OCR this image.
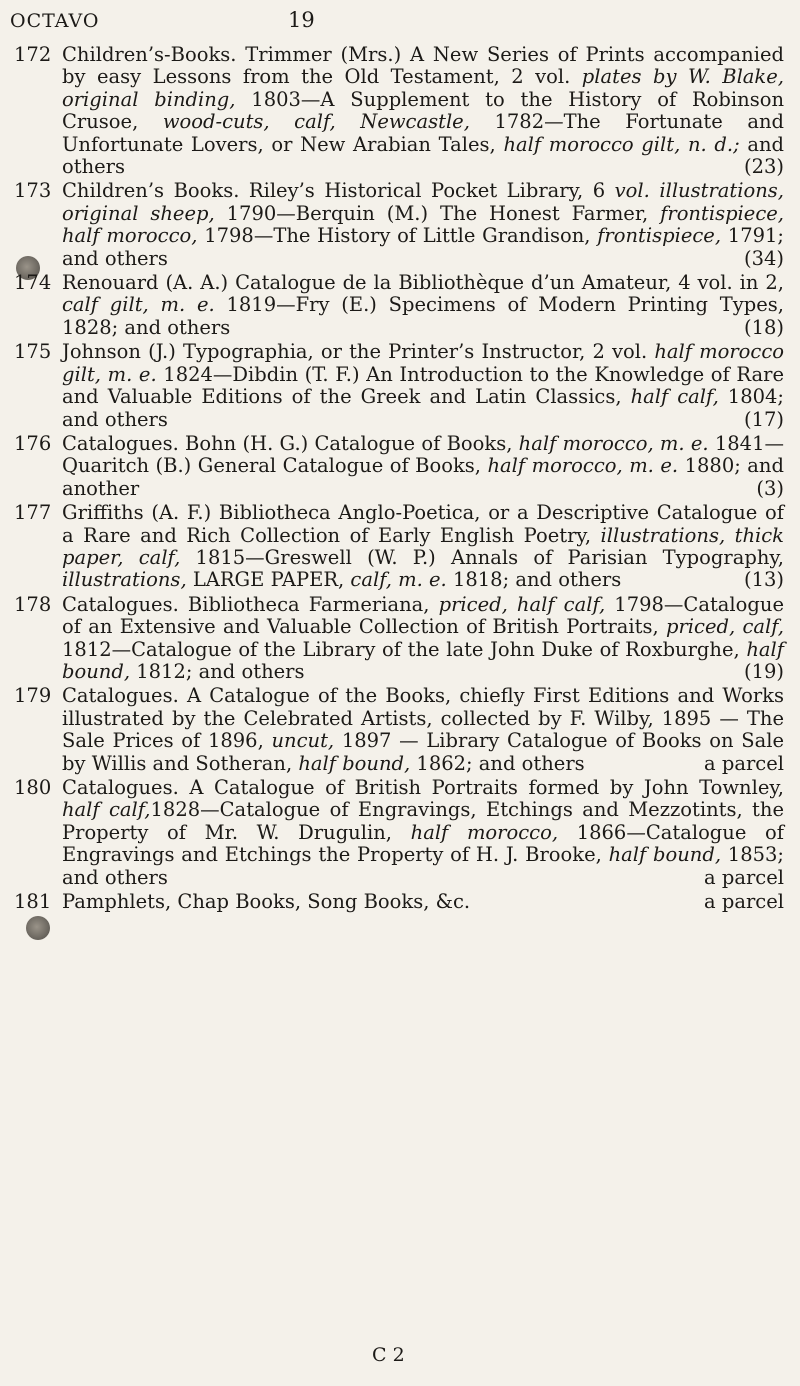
OCTAVO	19
172 Children’s-Books. Trimmer (Mrs.) A New Series of Prints accompanied by easy Lessons from the Old Testament, 2 vol. plates by W. Blake, original binding, 1803—A Supplement to the History of Robinson Crusoe, wood-cuts, calf, Newcastle, 1782—The Fortunate and Unfortunate Lovers, or New Arabian Tales, half morocco gilt, n. d.; and others	(23)
173 Children’s Books. Riley’s Historical Pocket Library, 6 vol. illustrations, original sheep, 1790—Berquin (M.) The Honest Farmer, frontispiece, half morocco, 1798—The History of Little Grandison, frontispiece, 1791; and others	(34)
174 Renouard (A. A.) Catalogue de la Bibliothèque d’un Amateur, 4 vol. in 2, calf gilt, m. e. 1819—Fry (E.) Specimens of Modern Printing Types, 1828; and others	(18)
175 Johnson (J.) Typographia, or the Printer’s Instructor, 2 vol. half morocco gilt, m. e. 1824—Dibdin (T. F.) An Introduction to the Knowledge of Rare and Valuable Editions of the Greek and Latin Classics, half calf, 1804; and others	(17)
176 Catalogues. Bohn (H. G.) Catalogue of Books, half morocco, m. e. 1841—Quaritch (B.) General Catalogue of Books, half morocco, m. e. 1880; and another	(3)
177 Griffiths (A. F.) Bibliotheca Anglo-Poetica, or a Descriptive Catalogue of a Rare and Rich Collection of Early English Poetry, illustrations, thick paper, calf, 1815—Greswell (W. P.) Annals of Parisian Typography, illustrations, LARGE PAPER, calf, m. e. 1818; and others	(13)
178 Catalogues. Bibliotheca Farmeriana, priced, half calf, 1798—Catalogue of an Extensive and Valuable Collection of British Portraits, priced, calf, 1812—Catalogue of the Library of the late John Duke of Roxburghe, half bound, 1812; and others	(19)
179 Catalogues. A Catalogue of the Books, chiefly First Editions and Works illustrated by the Celebrated Artists, collected by F. Wilby, 1895 — The Sale Prices of 1896, uncut, 1897 — Library Catalogue of Books on Sale by Willis and Sotheran, half bound, 1862; and others	a parcel
180 Catalogues. A Catalogue of British Portraits formed by John Townley, half calf,1828—Catalogue of Engravings, Etchings and Mezzotints, the Property of Mr. W. Drugulin, half morocco, 1866—Catalogue of Engravings and Etchings the Property of H. J. Brooke, half bound, 1853; and others	a parcel
181 Pamphlets, Chap Books, Song Books, &c.	a parcel
C 2
